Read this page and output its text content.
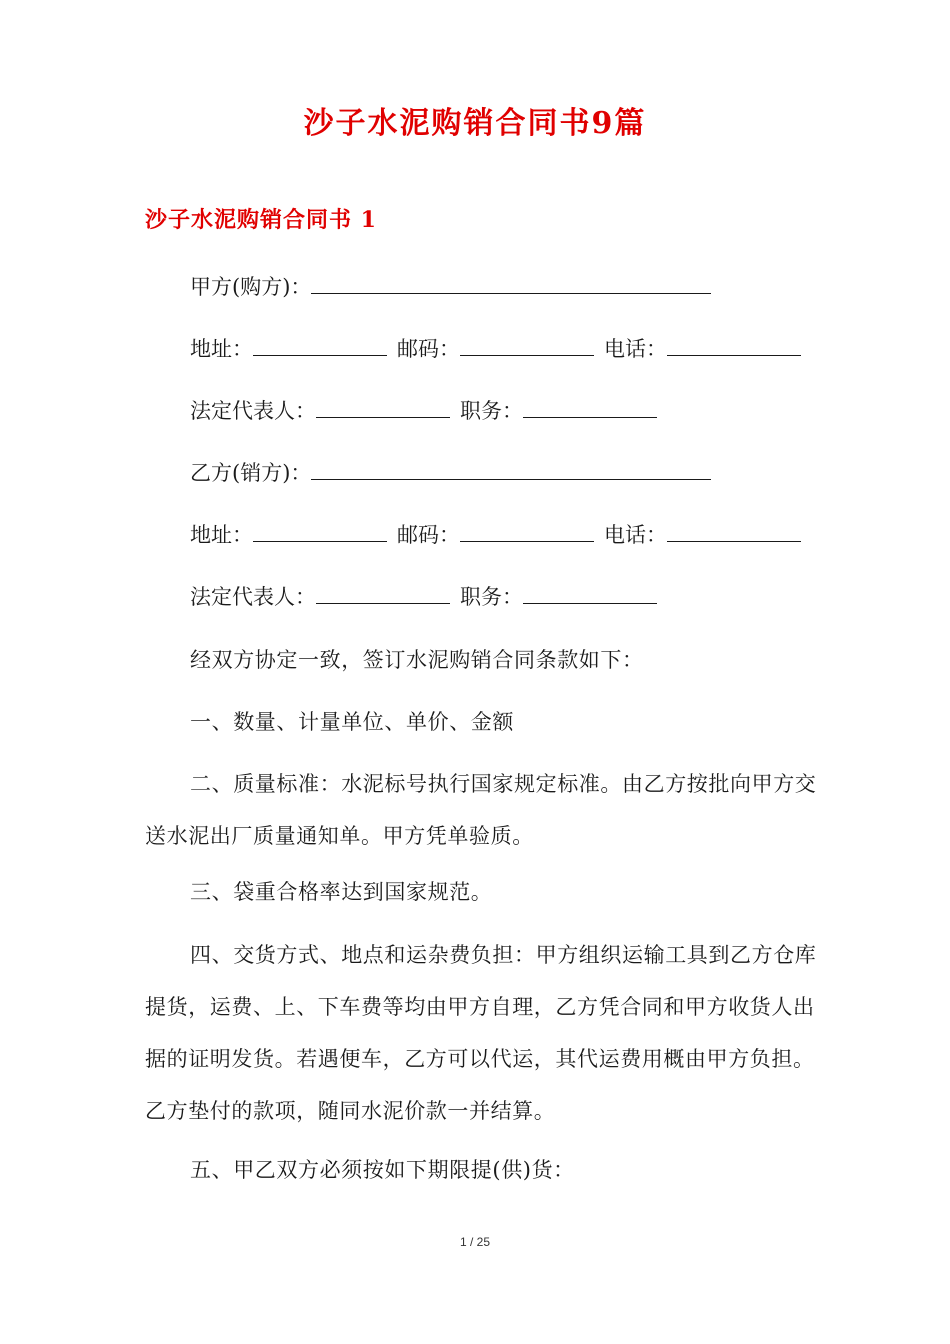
沙子水泥购销合同书9篇
沙子水泥购销合同书 1
甲方(购方)：
地址：	邮码：	电话：
法定代表人：	职务：
乙方(销方)：
地址：	邮码：	电话：
法定代表人：	职务：
经双方协定一致，签订水泥购销合同条款如下：
一、数量、计量单位、单价、金额
二、质量标准：水泥标号执行国家规定标准。由乙方按批向甲方交送水泥出厂质量通知单。甲方凭单验质。
三、袋重合格率达到国家规范。
四、交货方式、地点和运杂费负担：甲方组织运输工具到乙方仓库提货，运费、上、下车费等均由甲方自理，乙方凭合同和甲方收货人出据的证明发货。若遇便车，乙方可以代运，其代运费用概由甲方负担。乙方垫付的款项，随同水泥价款一并结算。
五、甲乙双方必须按如下期限提(供)货：
1 / 25
